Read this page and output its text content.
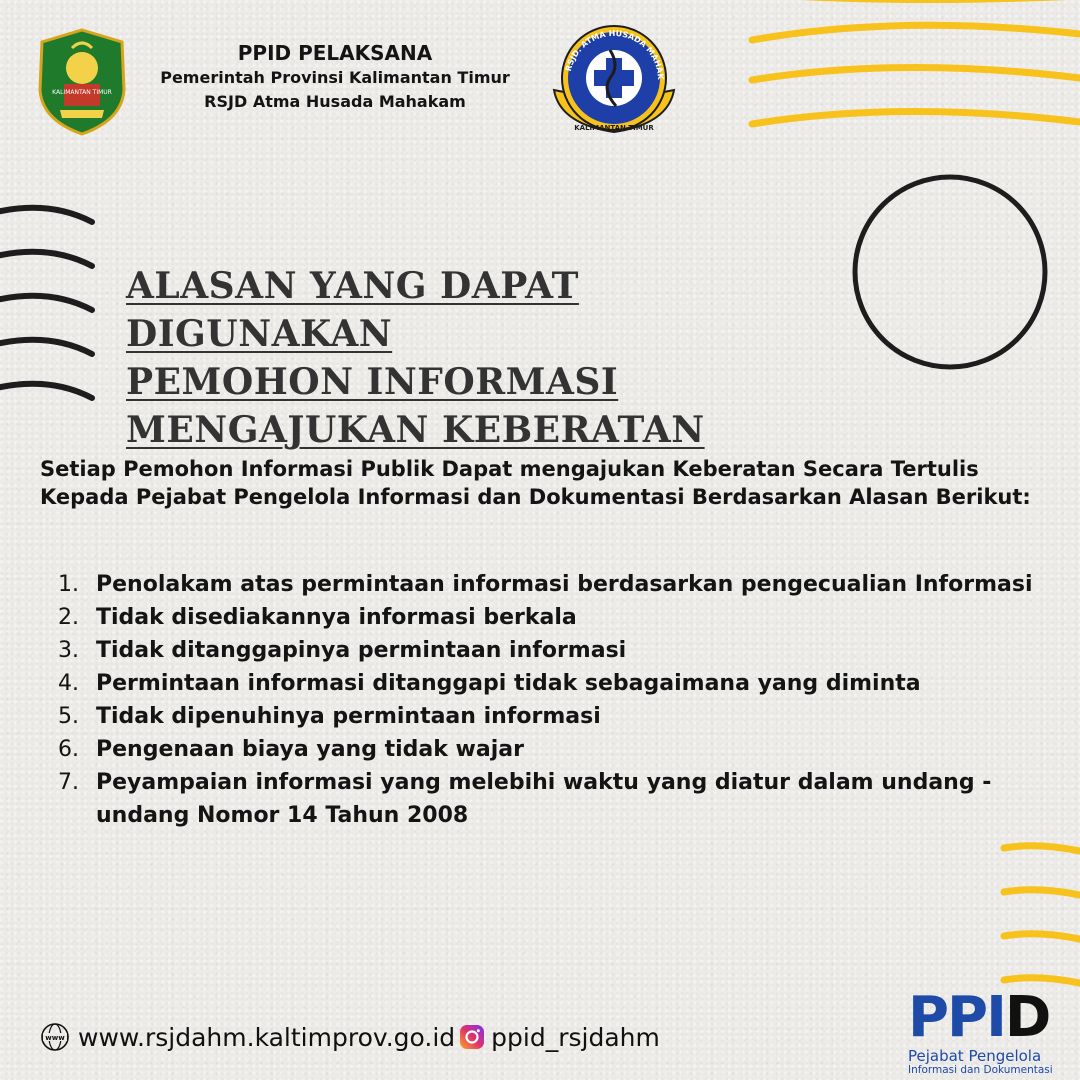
KALIMANTAN TIMUR
PPID PELAKSANA
Pemerintah Provinsi Kalimantan Timur
RSJD Atma Husada Mahakam
RSJD. ATMA HUSADA MAHAK
KALIMANTAN TIMUR
ALASAN YANG DAPAT DIGUNAKAN
PEMOHON INFORMASI
MENGAJUKAN KEBERATAN
Setiap Pemohon Informasi Publik Dapat mengajukan Keberatan Secara Tertulis Kepada Pejabat Pengelola Informasi dan Dokumentasi Berdasarkan Alasan Berikut:
1. Penolakam atas permintaan informasi berdasarkan pengecualian Informasi
2. Tidak disediakannya informasi berkala
3. Tidak ditanggapinya permintaan informasi
4. Permintaan informasi ditanggapi tidak sebagaimana yang diminta
5. Tidak dipenuhinya permintaan informasi
6. Pengenaan biaya yang tidak wajar
7. Peyampaian informasi yang melebihi waktu yang diatur dalam undang - undang Nomor 14 Tahun 2008
www www.rsjdahm.kaltimprov.go.id ppid_rsjdahm	PPID
Pejabat Pengelola
Informasi dan Dokumentasi
